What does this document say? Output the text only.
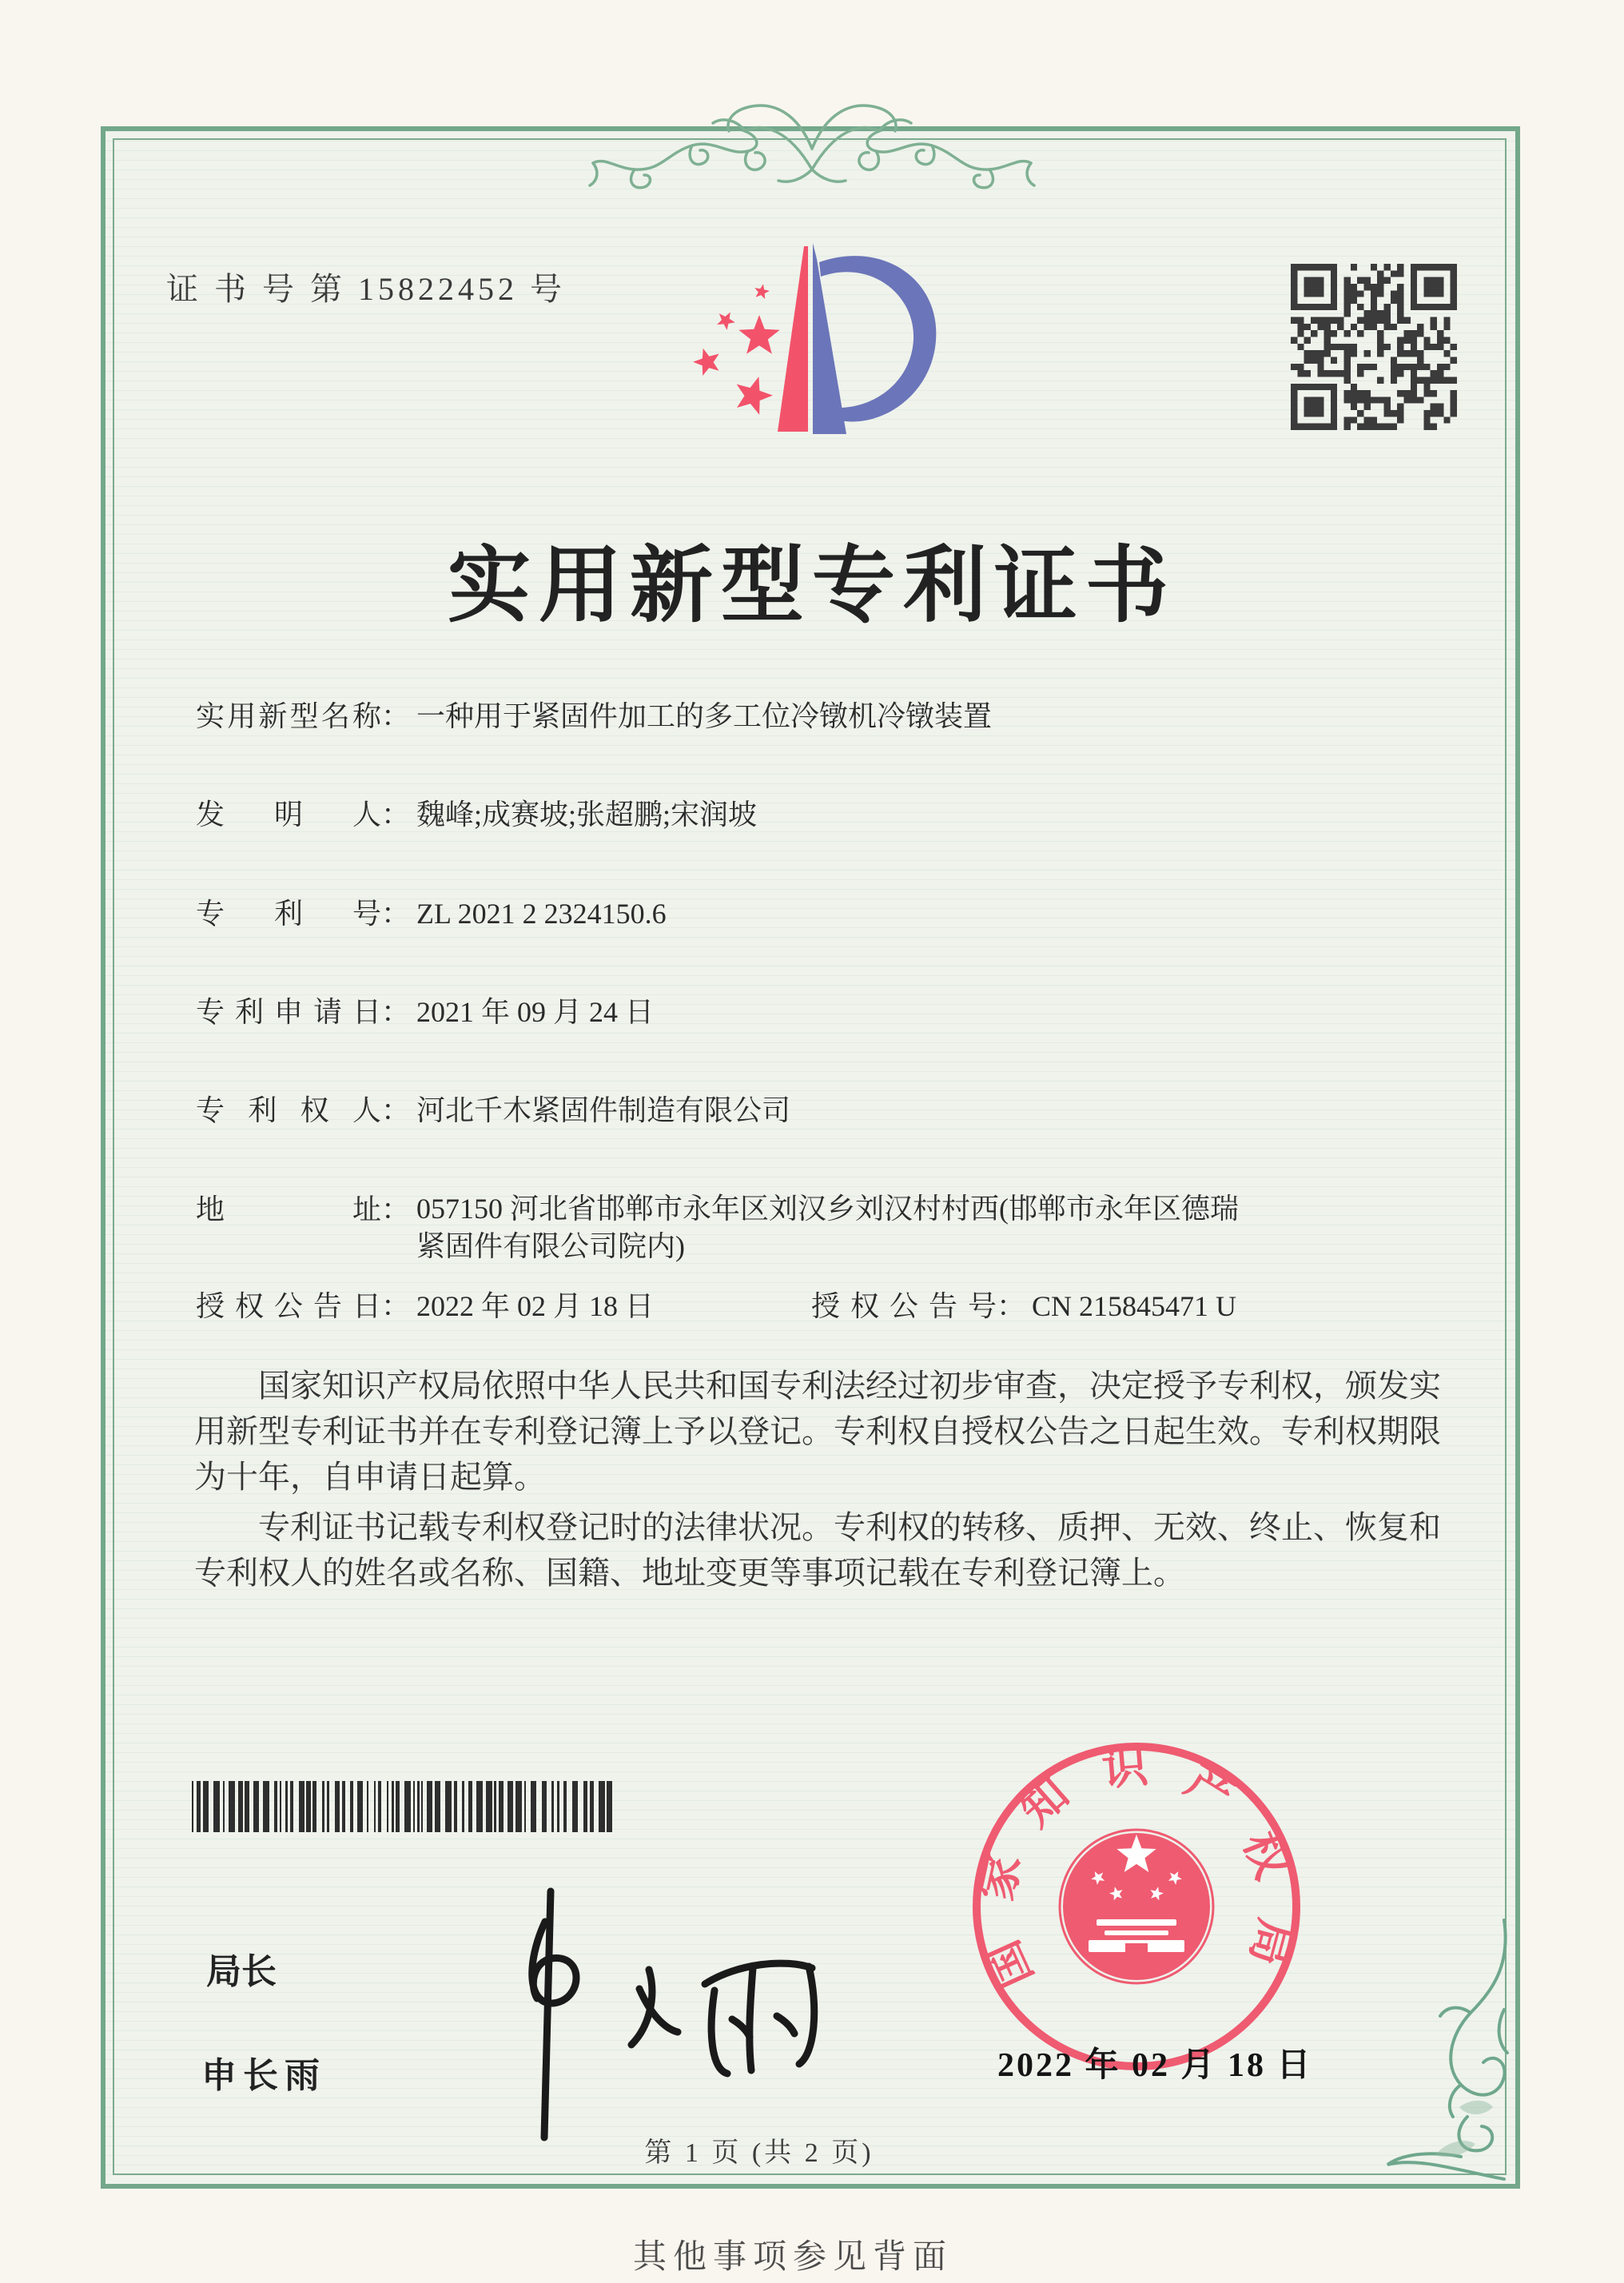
证 书 号 第 15822452 号
实用新型专利证书
实用新型名称： 一种用于紧固件加工的多工位冷镦机冷镦装置
发明人： 魏峰;成赛坡;张超鹏;宋润坡
专利号： ZL 2021 2 2324150.6
专利申请日： 2021 年 09 月 24 日
专利权人： 河北千木紧固件制造有限公司
地址： 057150 河北省邯郸市永年区刘汉乡刘汉村村西(邯郸市永年区德瑞紧固件有限公司院内)
授权公告日： 2022 年 02 月 18 日	授权公告号： CN 215845471 U
国家知识产权局依照中华人民共和国专利法经过初步审查，决定授予专利权，颁发实用新型专利证书并在专利登记簿上予以登记。专利权自授权公告之日起生效。专利权期限为十年，自申请日起算。
专利证书记载专利权登记时的法律状况。专利权的转移、质押、无效、终止、恢复和专利权人的姓名或名称、国籍、地址变更等事项记载在专利登记簿上。
局长
申长雨
国家知识产权局
2022 年 02 月 18 日
第 1 页 (共 2 页)
其他事项参见背面
